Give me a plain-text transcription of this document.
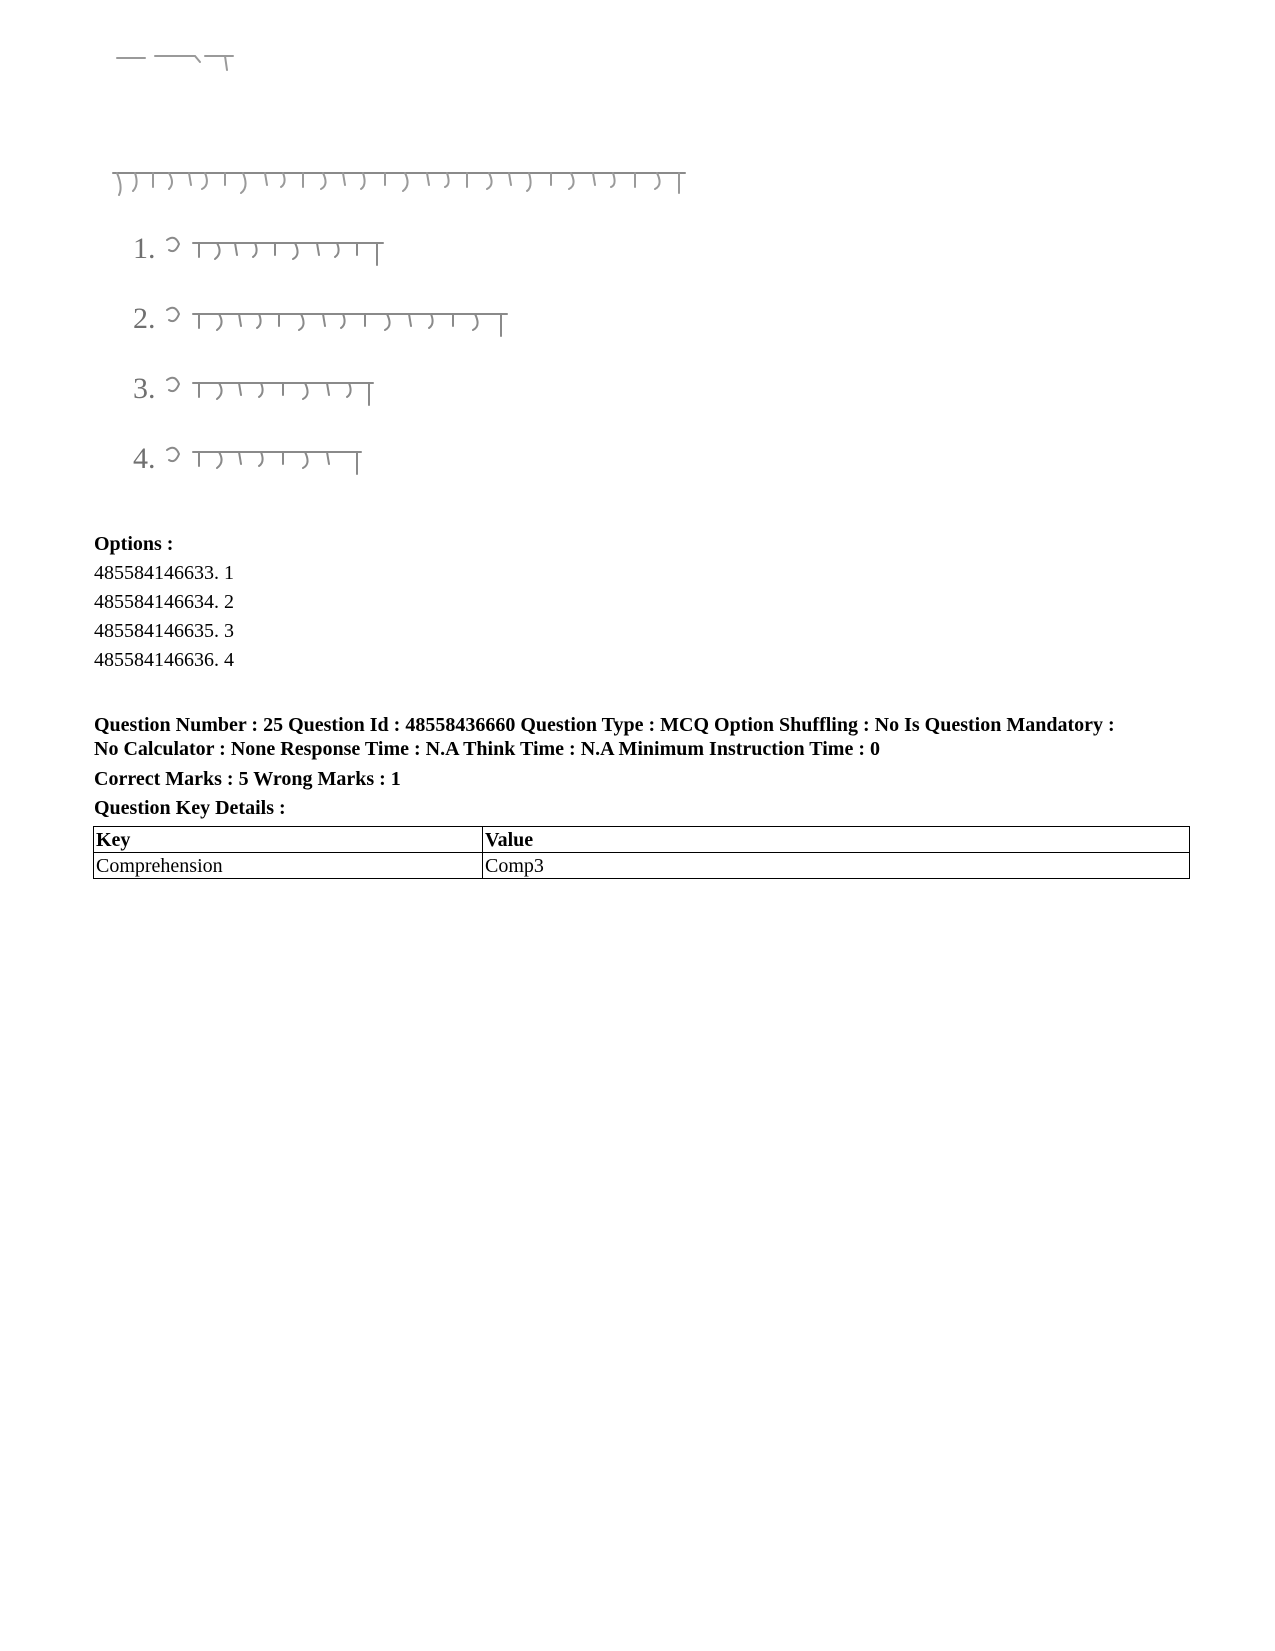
1.
2.
3.
4.
Options :
485584146633. 1
485584146634. 2
485584146635. 3
485584146636. 4

Question Number : 25 Question Id : 48558436660 Question Type : MCQ Option Shuffling : No Is Question Mandatory :

No Calculator : None Response Time : N.A Think Time : N.A Minimum Instruction Time : 0

Correct Marks : 5 Wrong Marks : 1

Question Key Details :

Key	Value
Comprehension	Comp3
